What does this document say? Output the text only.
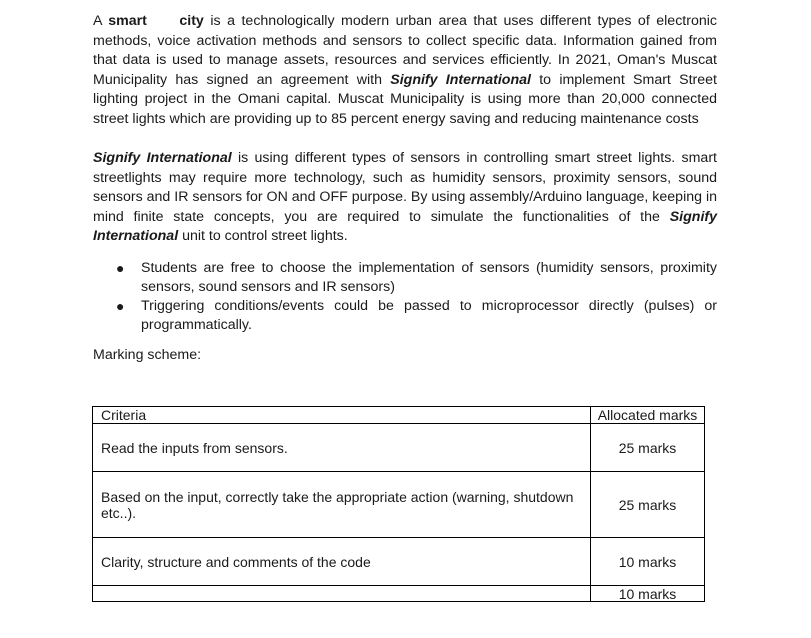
A smart city is a technologically modern urban area that uses different types of electronic methods, voice activation methods and sensors to collect specific data. Information gained from that data is used to manage assets, resources and services efficiently. In 2021, Oman's Muscat Municipality has signed an agreement with Signify International to implement Smart Street lighting project in the Omani capital. Muscat Municipality is using more than 20,000 connected street lights which are providing up to 85 percent energy saving and reducing maintenance costs

Signify International is using different types of sensors in controlling smart street lights. smart streetlights may require more technology, such as humidity sensors, proximity sensors, sound sensors and IR sensors for ON and OFF purpose. By using assembly/Arduino language, keeping in mind finite state concepts, you are required to simulate the functionalities of the Signify International unit to control street lights.

● Students are free to choose the implementation of sensors (humidity sensors, proximity sensors, sound sensors and IR sensors)
● Triggering conditions/events could be passed to microprocessor directly (pulses) or programmatically.

Marking scheme:

Criteria	Allocated marks
Read the inputs from sensors.	25 marks
Based on the input, correctly take the appropriate action (warning, shutdown etc..).	25 marks
Clarity, structure and comments of the code	10 marks
	10 marks
